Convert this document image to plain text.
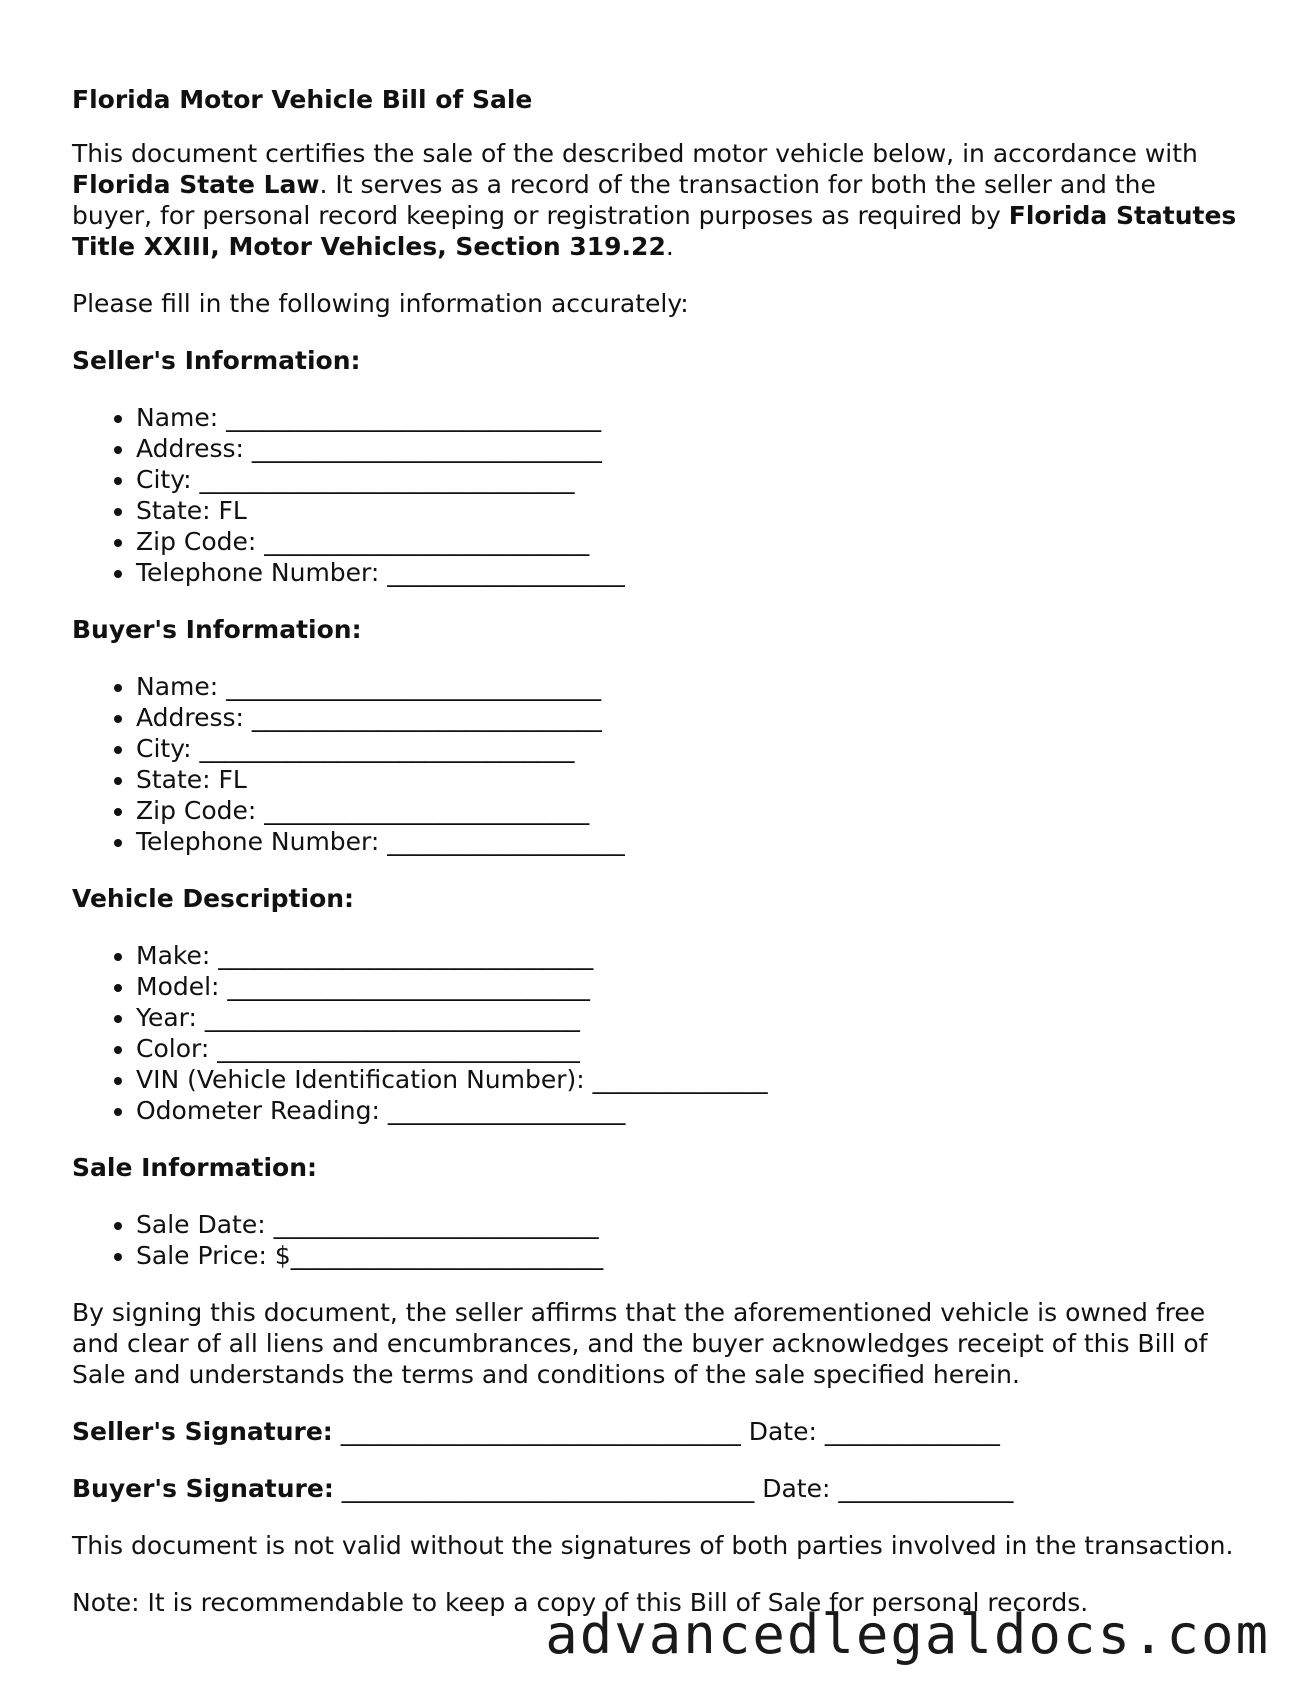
Florida Motor Vehicle Bill of Sale

This document certifies the sale of the described motor vehicle below, in accordance with Florida State Law. It serves as a record of the transaction for both the seller and the buyer, for personal record keeping or registration purposes as required by Florida Statutes Title XXIII, Motor Vehicles, Section 319.22.

Please fill in the following information accurately:

Seller's Information:
• Name: ______________________________
• Address: ____________________________
• City: ______________________________
• State: FL
• Zip Code: __________________________
• Telephone Number: ___________________
Buyer's Information:
• Name: ______________________________
• Address: ____________________________
• City: ______________________________
• State: FL
• Zip Code: __________________________
• Telephone Number: ___________________
Vehicle Description:
• Make: ______________________________
• Model: _____________________________
• Year: ______________________________
• Color: _____________________________
• VIN (Vehicle Identification Number): ______________
• Odometer Reading: ___________________
Sale Information:
• Sale Date: __________________________
• Sale Price: $_________________________

By signing this document, the seller affirms that the aforementioned vehicle is owned free and clear of all liens and encumbrances, and the buyer acknowledges receipt of this Bill of Sale and understands the terms and conditions of the sale specified herein.

Seller's Signature: ________________________________ Date: ______________
Buyer's Signature: _________________________________ Date: ______________

This document is not valid without the signatures of both parties involved in the transaction.

Note: It is recommendable to keep a copy of this Bill of Sale for personal records.

advancedlegaldocs.com
